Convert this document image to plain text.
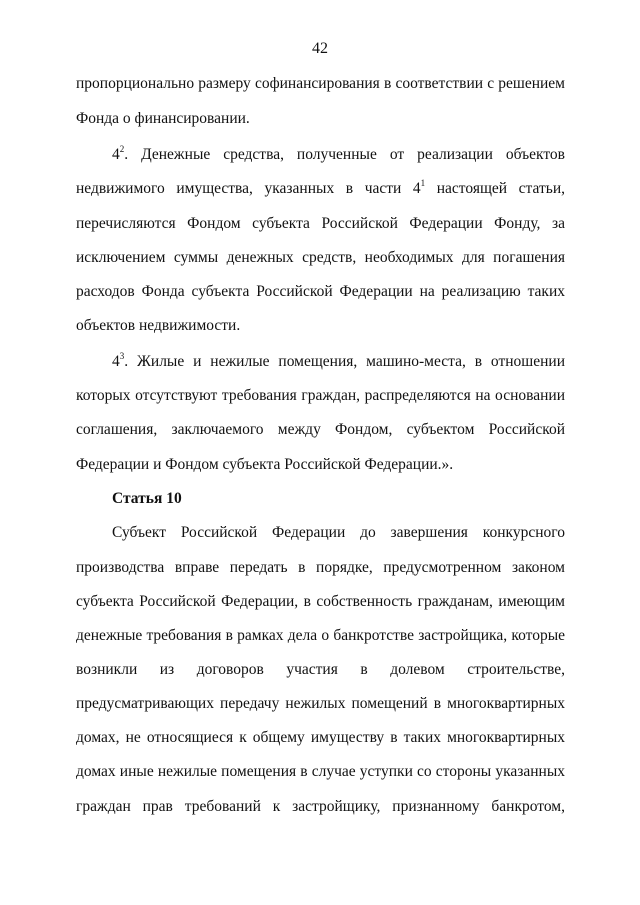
42
пропорционально размеру софинансирования в соответствии с решением
Фонда о финансировании.
$4^2$. Денежные средства, полученные от реализации объектов
недвижимого имущества, указанных в части $4^1$ настоящей статьи,
перечисляются Фондом субъекта Российской Федерации Фонду, за
исключением суммы денежных средств, необходимых для погашения
расходов Фонда субъекта Российской Федерации на реализацию таких
объектов недвижимости.
$4^3$. Жилые и нежилые помещения, машино-места, в отношении
которых отсутствуют требования граждан, распределяются на основании
соглашения, заключаемого между Фондом, субъектом Российской
Федерации и Фондом субъекта Российской Федерации.».
Статья 10
Субъект Российской Федерации до завершения конкурсного
производства вправе передать в порядке, предусмотренном законом
субъекта Российской Федерации, в собственность гражданам, имеющим
денежные требования в рамках дела о банкротстве застройщика, которые
возникли из договоров участия в долевом строительстве,
предусматривающих передачу нежилых помещений в многоквартирных
домах, не относящиеся к общему имуществу в таких многоквартирных
домах иные нежилые помещения в случае уступки со стороны указанных
граждан прав требований к застройщику, признанному банкротом,
